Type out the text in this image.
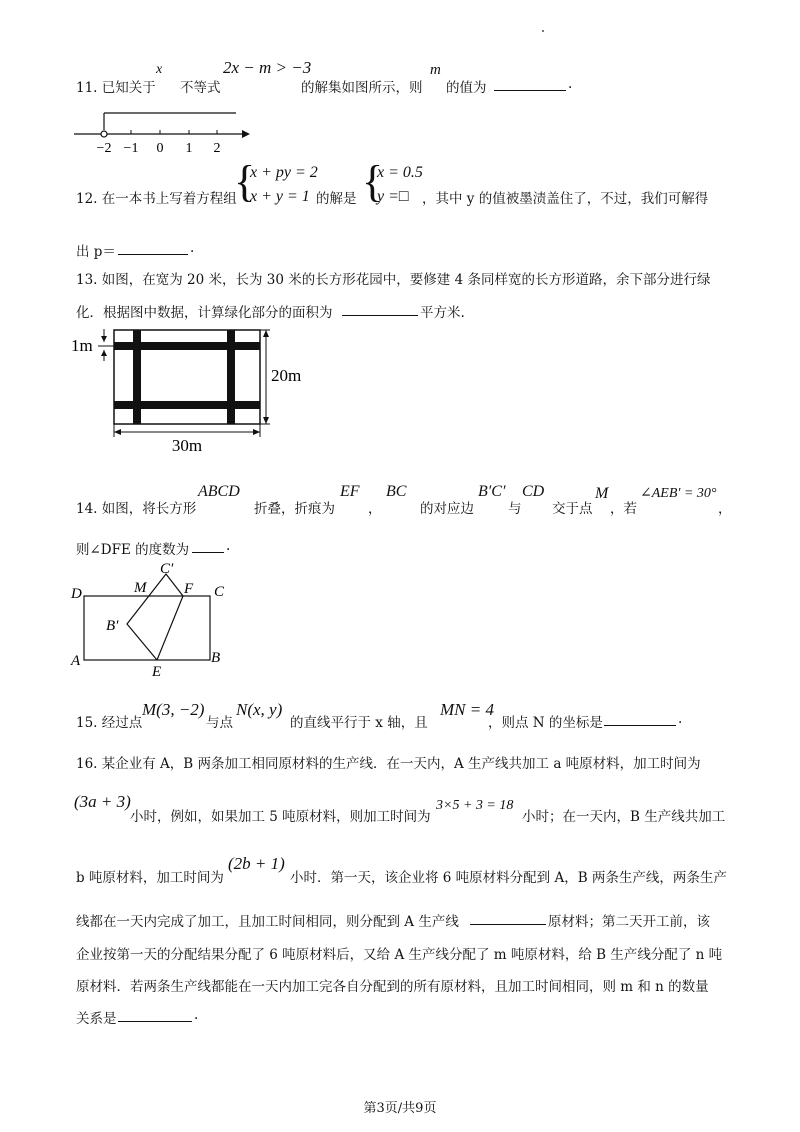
11. 已知关于
x
不等式
2x − m > −3
的解集如图所示，则
m
的值为	.
−2 −1 0 1 2
12. 在一本书上写着方程组
{
x + py = 2
x + y = 1 的解是 {
x = 0.5
y =□ ，其中 y 的值被墨渍盖住了，不过，我们可解得
出 p＝	.
13. 如图，在宽为 20 米，长为 30 米的长方形花园中，要修建 4 条同样宽的长方形道路，余下部分进行绿
化．根据图中数据，计算绿化部分的面积为	平方米.
1m
20m
30m
14. 如图，将长方形
ABCD
折叠，折痕为
EF
，
BC
的对应边
B′C′
与
CD
交于点
M
，若
∠AEB′ = 30°
，
则∠DFE 的度数为	.
C′
M	F C
D
B′
A
E
B
15. 经过点
M(3, −2)
与点
N(x, y)
的直线平行于 x 轴，且
MN = 4
，则点 N 的坐标是	.
16. 某企业有 A，B 两条加工相同原材料的生产线．在一天内，A 生产线共加工 a 吨原材料，加工时间为
(3a + 3)
小时，例如，如果加工 5 吨原材料，则加工时间为
3×5 + 3 = 18
小时；在一天内，B 生产线共加工
b 吨原材料，加工时间为
(2b + 1)
小时．第一天，该企业将 6 吨原材料分配到 A，B 两条生产线，两条生产
线都在一天内完成了加工，且加工时间相同，则分配到 A 生产线	原材料；第二天开工前，该
企业按第一天的分配结果分配了 6 吨原材料后，又给 A 生产线分配了 m 吨原材料，给 B 生产线分配了 n 吨
原材料．若两条生产线都能在一天内加工完各自分配到的所有原材料，且加工时间相同，则 m 和 n 的数量
关系是	.
第3页/共9页
